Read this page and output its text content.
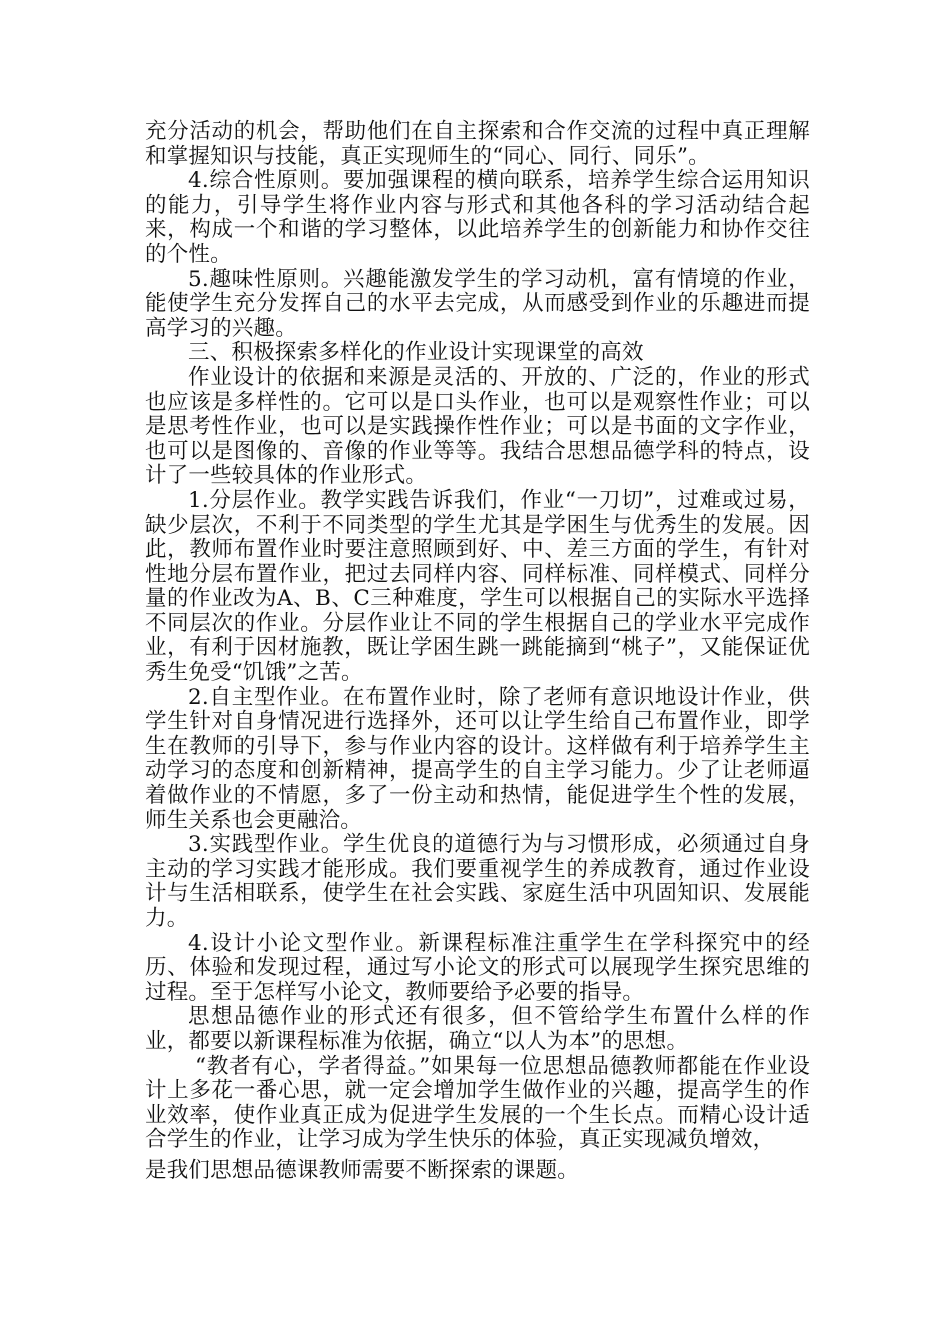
充分活动的机会，帮助他们在自主探索和合作交流的过程中真正理解和掌握知识与技能，真正实现师生的“同心、同行、同乐”。

4.综合性原则。要加强课程的横向联系，培养学生综合运用知识的能力，引导学生将作业内容与形式和其他各科的学习活动结合起来，构成一个和谐的学习整体，以此培养学生的创新能力和协作交往的个性。

5.趣味性原则。兴趣能激发学生的学习动机，富有情境的作业，能使学生充分发挥自己的水平去完成，从而感受到作业的乐趣进而提高学习的兴趣。

三、积极探索多样化的作业设计实现课堂的高效

作业设计的依据和来源是灵活的、开放的、广泛的，作业的形式也应该是多样性的。它可以是口头作业，也可以是观察性作业；可以是思考性作业，也可以是实践操作性作业；可以是书面的文字作业，也可以是图像的、音像的作业等等。我结合思想品德学科的特点，设计了一些较具体的作业形式。

1.分层作业。教学实践告诉我们，作业“一刀切”，过难或过易，缺少层次，不利于不同类型的学生尤其是学困生与优秀生的发展。因此，教师布置作业时要注意照顾到好、中、差三方面的学生，有针对性地分层布置作业，把过去同样内容、同样标准、同样模式、同样分量的作业改为A、B、C三种难度，学生可以根据自己的实际水平选择不同层次的作业。分层作业让不同的学生根据自己的学业水平完成作业，有利于因材施教，既让学困生跳一跳能摘到“桃子”，又能保证优秀生免受“饥饿”之苦。

2.自主型作业。在布置作业时，除了老师有意识地设计作业，供学生针对自身情况进行选择外，还可以让学生给自己布置作业，即学生在教师的引导下，参与作业内容的设计。这样做有利于培养学生主动学习的态度和创新精神，提高学生的自主学习能力。少了让老师逼着做作业的不情愿，多了一份主动和热情，能促进学生个性的发展，师生关系也会更融洽。

3.实践型作业。学生优良的道德行为与习惯形成，必须通过自身主动的学习实践才能形成。我们要重视学生的养成教育，通过作业设计与生活相联系，使学生在社会实践、家庭生活中巩固知识、发展能力。

4.设计小论文型作业。新课程标准注重学生在学科探究中的经历、体验和发现过程，通过写小论文的形式可以展现学生探究思维的过程。至于怎样写小论文，教师要给予必要的指导。

思想品德作业的形式还有很多，但不管给学生布置什么样的作业，都要以新课程标准为依据，确立“以人为本”的思想。

“教者有心，学者得益。”如果每一位思想品德教师都能在作业设计上多花一番心思，就一定会增加学生做作业的兴趣，提高学生的作业效率，使作业真正成为促进学生发展的一个生长点。而精心设计适合学生的作业，让学习成为学生快乐的体验，真正实现减负增效，

是我们思想品德课教师需要不断探索的课题。
